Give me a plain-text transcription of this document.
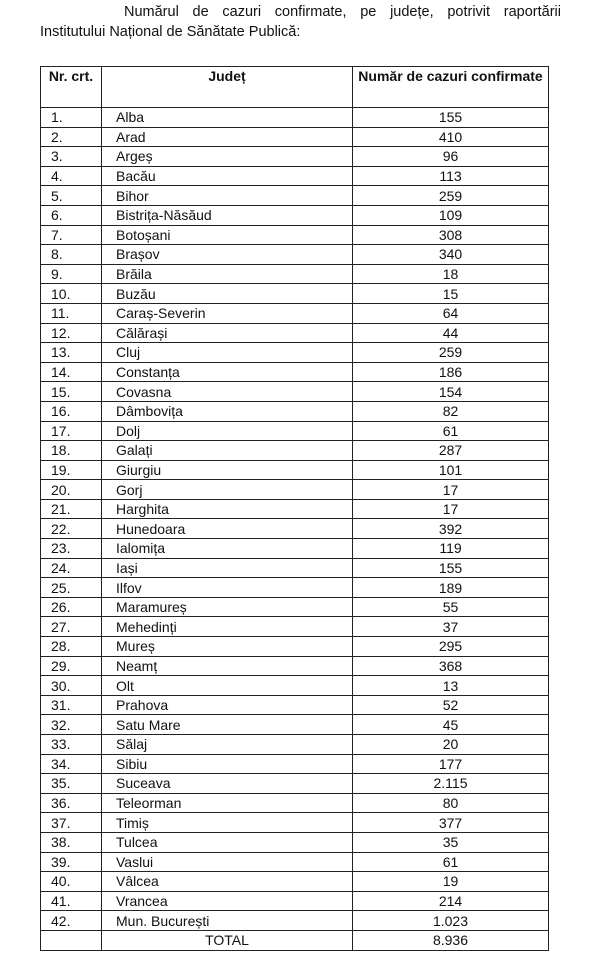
Numărul de cazuri confirmate, pe județe, potrivit raportării Institutului Național de Sănătate Publică:

Nr. crt.	Județ	Număr de cazuri confirmate
1.	Alba	155
2.	Arad	410
3.	Argeș	96
4.	Bacău	113
5.	Bihor	259
6.	Bistrița-Năsăud	109
7.	Botoșani	308
8.	Brașov	340
9.	Brăila	18
10.	Buzău	15
11.	Caraș-Severin	64
12.	Călărași	44
13.	Cluj	259
14.	Constanța	186
15.	Covasna	154
16.	Dâmbovița	82
17.	Dolj	61
18.	Galați	287
19.	Giurgiu	101
20.	Gorj	17
21.	Harghita	17
22.	Hunedoara	392
23.	Ialomița	119
24.	Iași	155
25.	Ilfov	189
26.	Maramureș	55
27.	Mehedinți	37
28.	Mureș	295
29.	Neamț	368
30.	Olt	13
31.	Prahova	52
32.	Satu Mare	45
33.	Sălaj	20
34.	Sibiu	177
35.	Suceava	2.115
36.	Teleorman	80
37.	Timiș	377
38.	Tulcea	35
39.	Vaslui	61
40.	Vâlcea	19
41.	Vrancea	214
42.	Mun. București	1.023
	TOTAL	8.936
